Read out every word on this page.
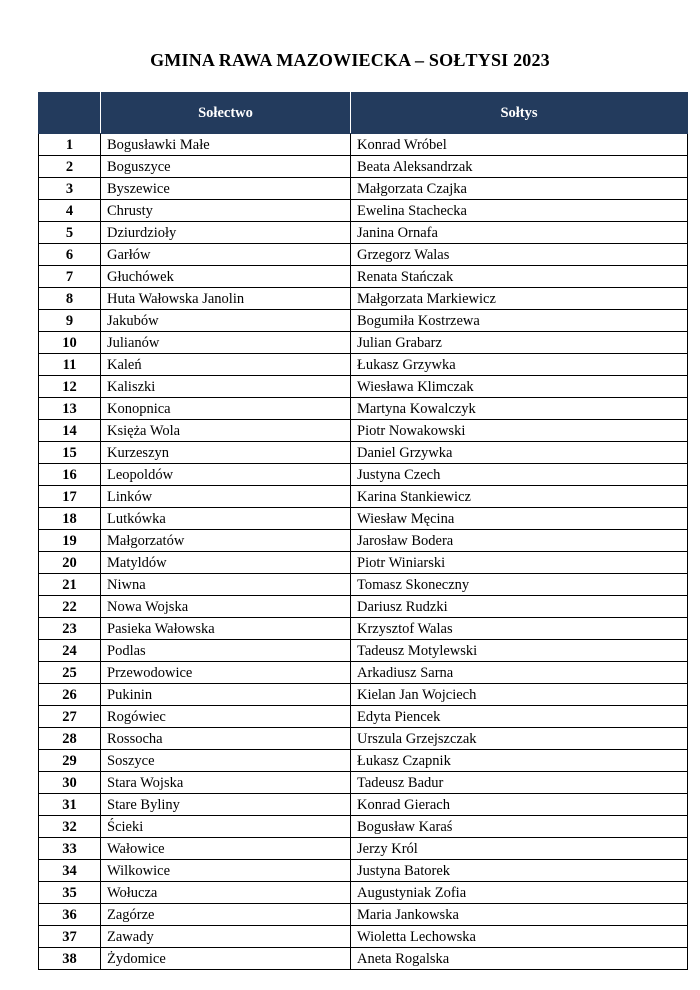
GMINA RAWA MAZOWIECKA – SOŁTYSI 2023
	Sołectwo	Sołtys
1	Bogusławki Małe	Konrad Wróbel
2	Boguszyce	Beata Aleksandrzak
3	Byszewice	Małgorzata Czajka
4	Chrusty	Ewelina Stachecka
5	Dziurdzioły	Janina Ornafa
6	Garłów	Grzegorz Walas
7	Głuchówek	Renata Stańczak
8	Huta Wałowska Janolin	Małgorzata Markiewicz
9	Jakubów	Bogumiła Kostrzewa
10	Julianów	Julian Grabarz
11	Kaleń	Łukasz Grzywka
12	Kaliszki	Wiesława Klimczak
13	Konopnica	Martyna Kowalczyk
14	Księża Wola	Piotr Nowakowski
15	Kurzeszyn	Daniel Grzywka
16	Leopoldów	Justyna Czech
17	Linków	Karina Stankiewicz
18	Lutkówka	Wiesław Męcina
19	Małgorzatów	Jarosław Bodera
20	Matyldów	Piotr Winiarski
21	Niwna	Tomasz Skoneczny
22	Nowa Wojska	Dariusz Rudzki
23	Pasieka Wałowska	Krzysztof Walas
24	Podlas	Tadeusz Motylewski
25	Przewodowice	Arkadiusz Sarna
26	Pukinin	Kielan Jan Wojciech
27	Rogówiec	Edyta Piencek
28	Rossocha	Urszula Grzejszczak
29	Soszyce	Łukasz Czapnik
30	Stara Wojska	Tadeusz Badur
31	Stare Byliny	Konrad Gierach
32	Ścieki	Bogusław Karaś
33	Wałowice	Jerzy Król
34	Wilkowice	Justyna Batorek
35	Wołucza	Augustyniak Zofia
36	Zagórze	Maria Jankowska
37	Zawady	Wioletta Lechowska
38	Żydomice	Aneta Rogalska
